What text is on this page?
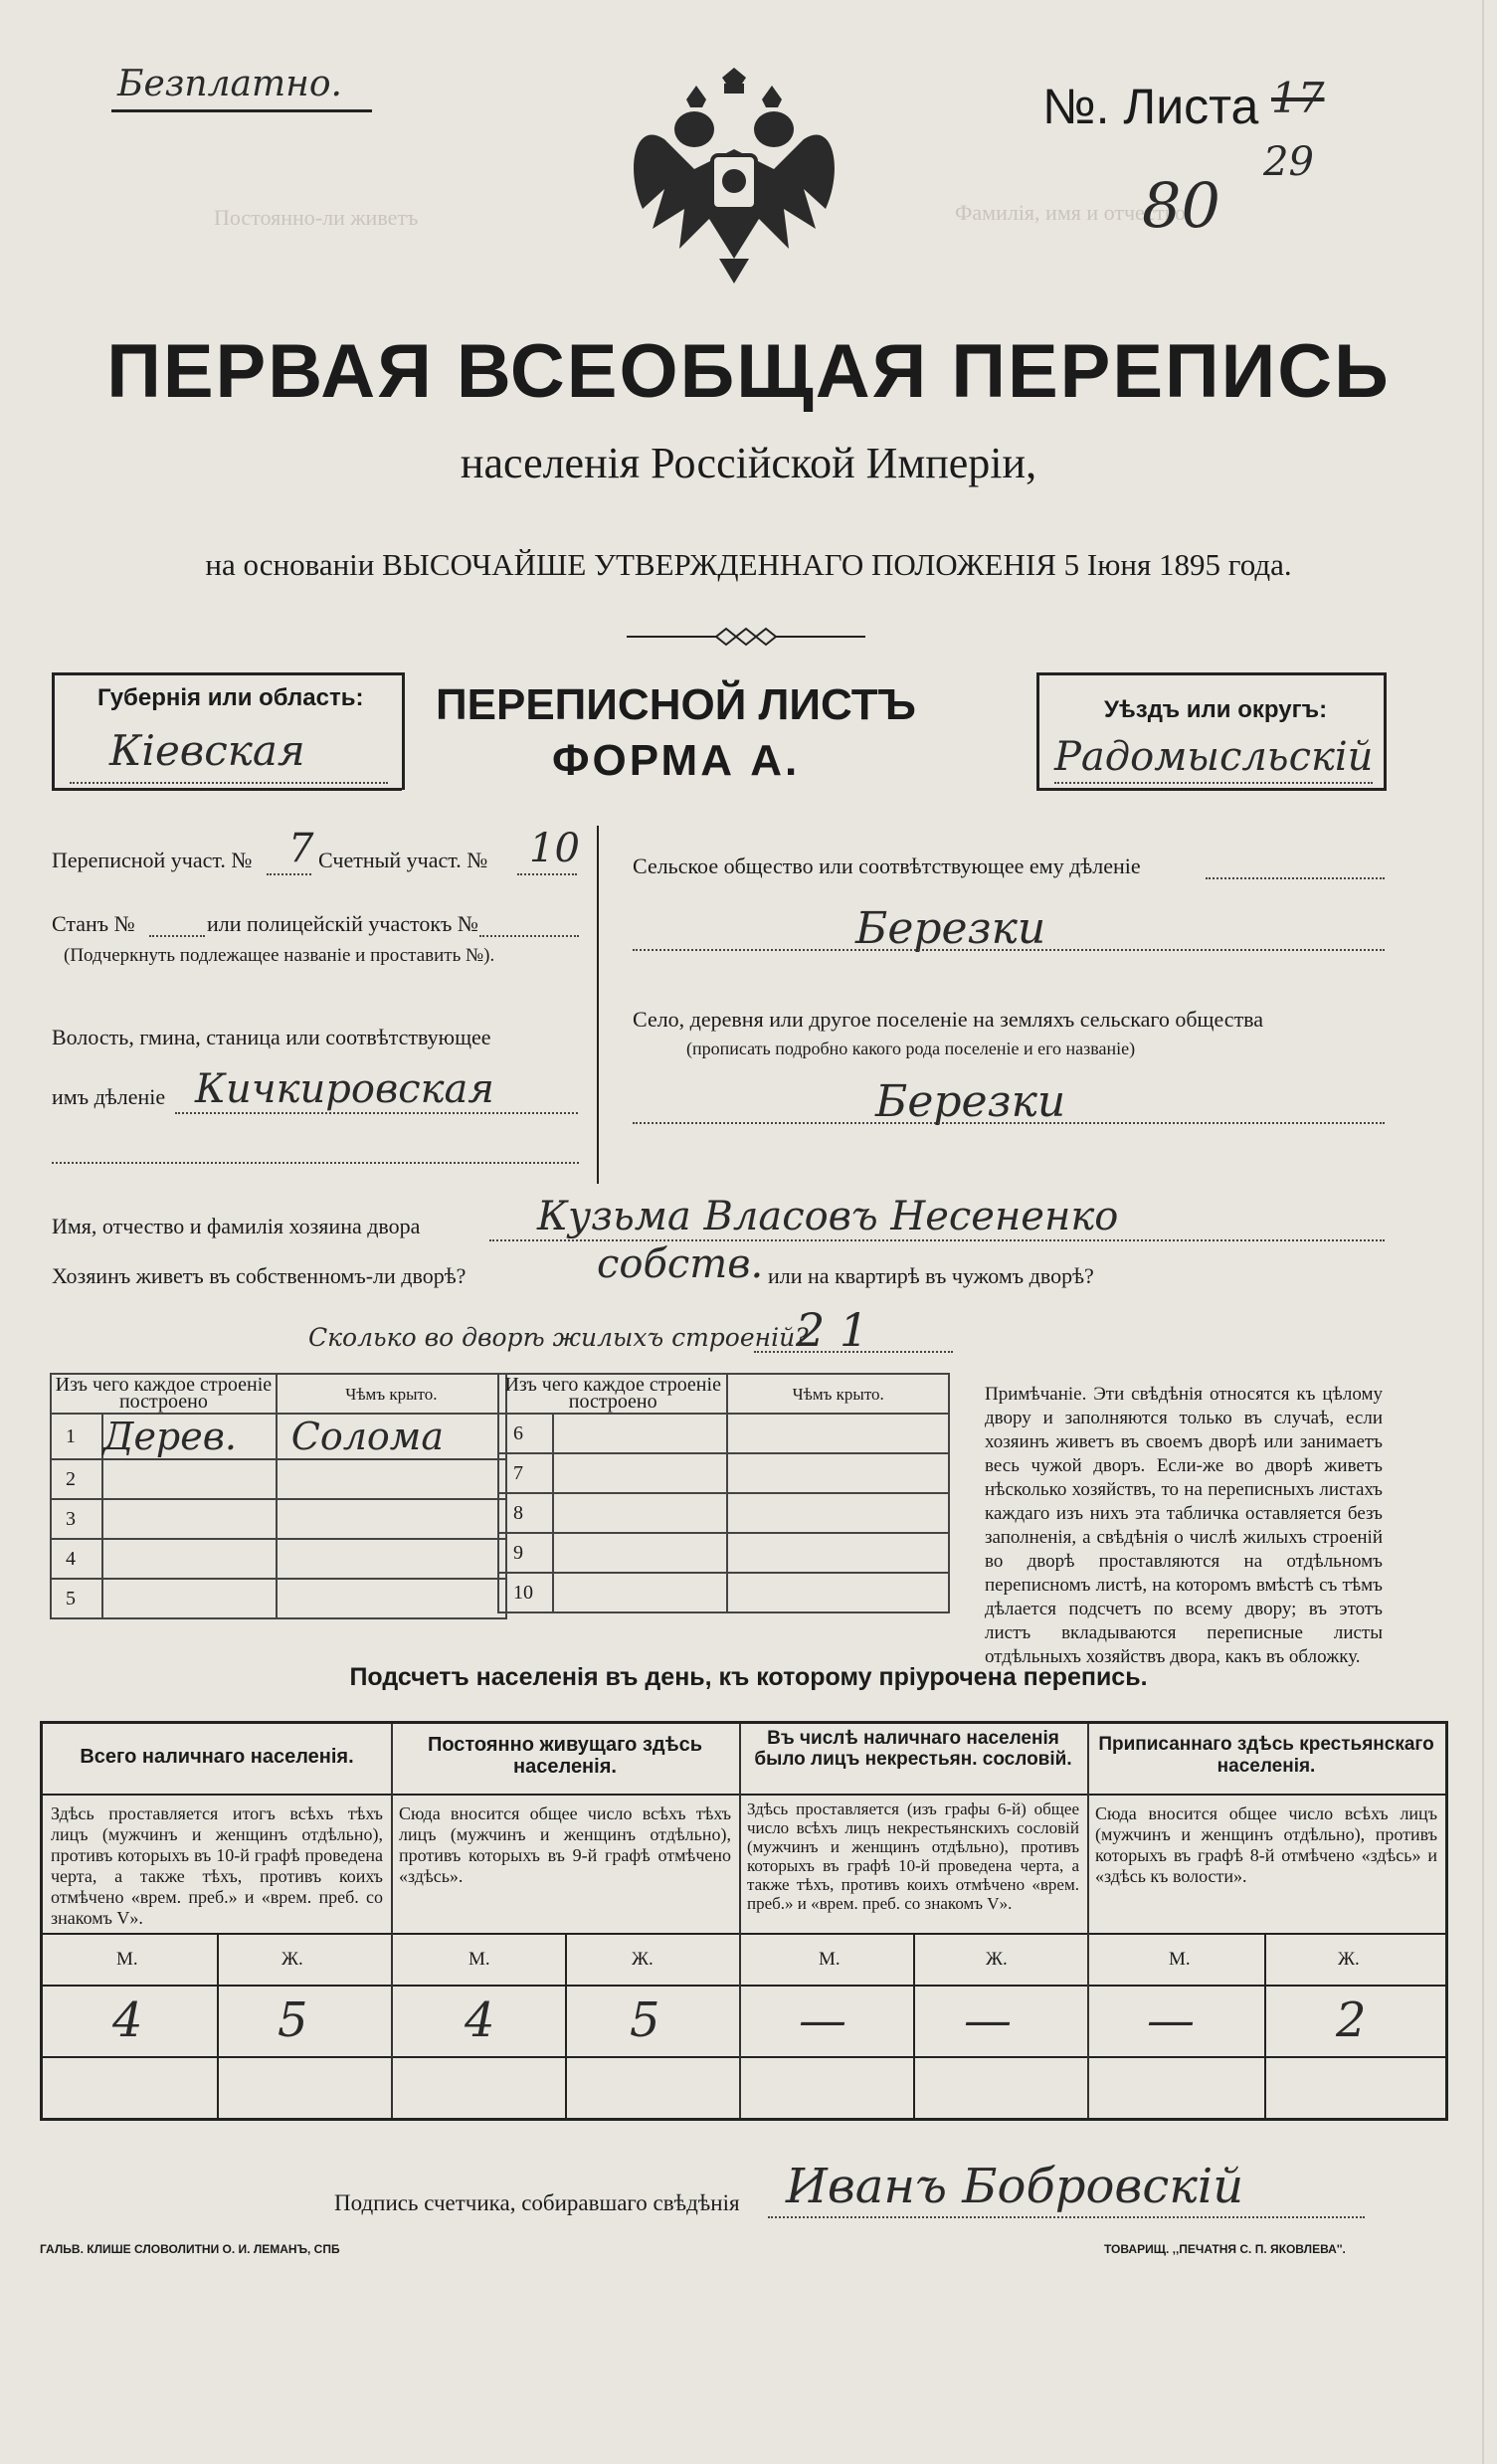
Постоянно-ли живетъ	Фамилія, имя и отчество
Безплатно.	№. Листа 17
80
29
ПЕРВАЯ ВСЕОБЩАЯ ПЕРЕПИСЬ
населенія Россійской Имперіи,
на основаніи ВЫСОЧАЙШЕ УТВЕРЖДЕННАГО ПОЛОЖЕНІЯ 5 Іюня 1895 года.
Губернія или область:
Кіевская
ПЕРЕПИСНОЙ ЛИСТЪ
ФОРМА А.
Уѣздъ или округъ:
Радомысльскій
Переписной участ. № 7 Счетный участ. № 10
Станъ №	или полицейскій участокъ №
(Подчеркнуть подлежащее названіе и проставить №).
Волость, гмина, станица или соотвѣтствующее
имъ дѣленіе Кичкировская
Сельское общество или соотвѣтствующее ему дѣленіе
Березки
Село, деревня или другое поселеніе на земляхъ сельскаго общества
(прописать подробно какого рода поселеніе и его названіе)
Березки
Имя, отчество и фамилія хозяина двора	Кузьма Власовъ Несененко
Хозяинъ живетъ въ собственномъ-ли дворѣ?	собств. или на квартирѣ въ чужомъ дворѣ?
Сколько во дворѣ жилыхъ строеній?
2 1
Изъ чего каждое строеніе построено		Чѣмъ крыто.
1	Дерев.	Солома
2		
3		
4		
5		
Изъ чего каждое строеніе построено		Чѣмъ крыто.
6		
7		
8		
9		
10		
Примѣчаніе. Эти свѣдѣнія относятся къ цѣлому двору и заполняются только въ случаѣ, если хозяинъ живетъ въ своемъ дворѣ или занимаетъ весь чужой дворъ. Если-же во дворѣ живетъ нѣсколько хозяйствъ, то на переписныхъ листахъ каждаго изъ нихъ эта табличка оставляется безъ заполненія, а свѣдѣнія о числѣ жилыхъ строеній во дворѣ проставляются на отдѣльномъ переписномъ листѣ, на которомъ вмѣстѣ съ тѣмъ дѣлается подсчетъ по всему двору; въ этотъ листъ вкладываются переписные листы отдѣльныхъ хозяйствъ двора, какъ въ обложку.
Подсчетъ населенія въ день, къ которому пріурочена перепись.
Всего наличнаго населенія.
Здѣсь проставляется итогъ всѣхъ тѣхъ лицъ (мужчинъ и женщинъ отдѣльно), противъ которыхъ въ 10-й графѣ проведена черта, а также тѣхъ, противъ коихъ отмѣчено «врем. преб.» и «врем. преб. со знакомъ V».
М.	Ж.
4	5
Постоянно живущаго здѣсь населенія.
Сюда вносится общее число всѣхъ тѣхъ лицъ (мужчинъ и женщинъ отдѣльно), противъ которыхъ въ 9-й графѣ отмѣчено «здѣсь».
М.	Ж.
4	5
Въ числѣ наличнаго населенія было лицъ некрестьян. сословій.
Здѣсь проставляется (изъ графы 6-й) общее число всѣхъ лицъ некрестьянскихъ сословій (мужчинъ и женщинъ отдѣльно), противъ которыхъ въ графѣ 10-й проведена черта, а также тѣхъ, противъ коихъ отмѣчено «врем. преб.» и «врем. преб. со знакомъ V».
М.	Ж.
— —
Приписаннаго здѣсь крестьянскаго населенія.
Сюда вносится общее число всѣхъ лицъ (мужчинъ и женщинъ отдѣльно), противъ которыхъ въ графѣ 8-й отмѣчено «здѣсь» и «здѣсь къ волости».
М.	Ж.
—	2
Подпись счетчика, собиравшаго свѣдѣнія Иванъ Бобровскій
ГАЛЬВ. КЛИШЕ СЛОВОЛИТНИ О. И. ЛЕМАНЪ, СПБ	ТОВАРИЩ. ,,ПЕЧАТНЯ С. П. ЯКОВЛЕВА''.
